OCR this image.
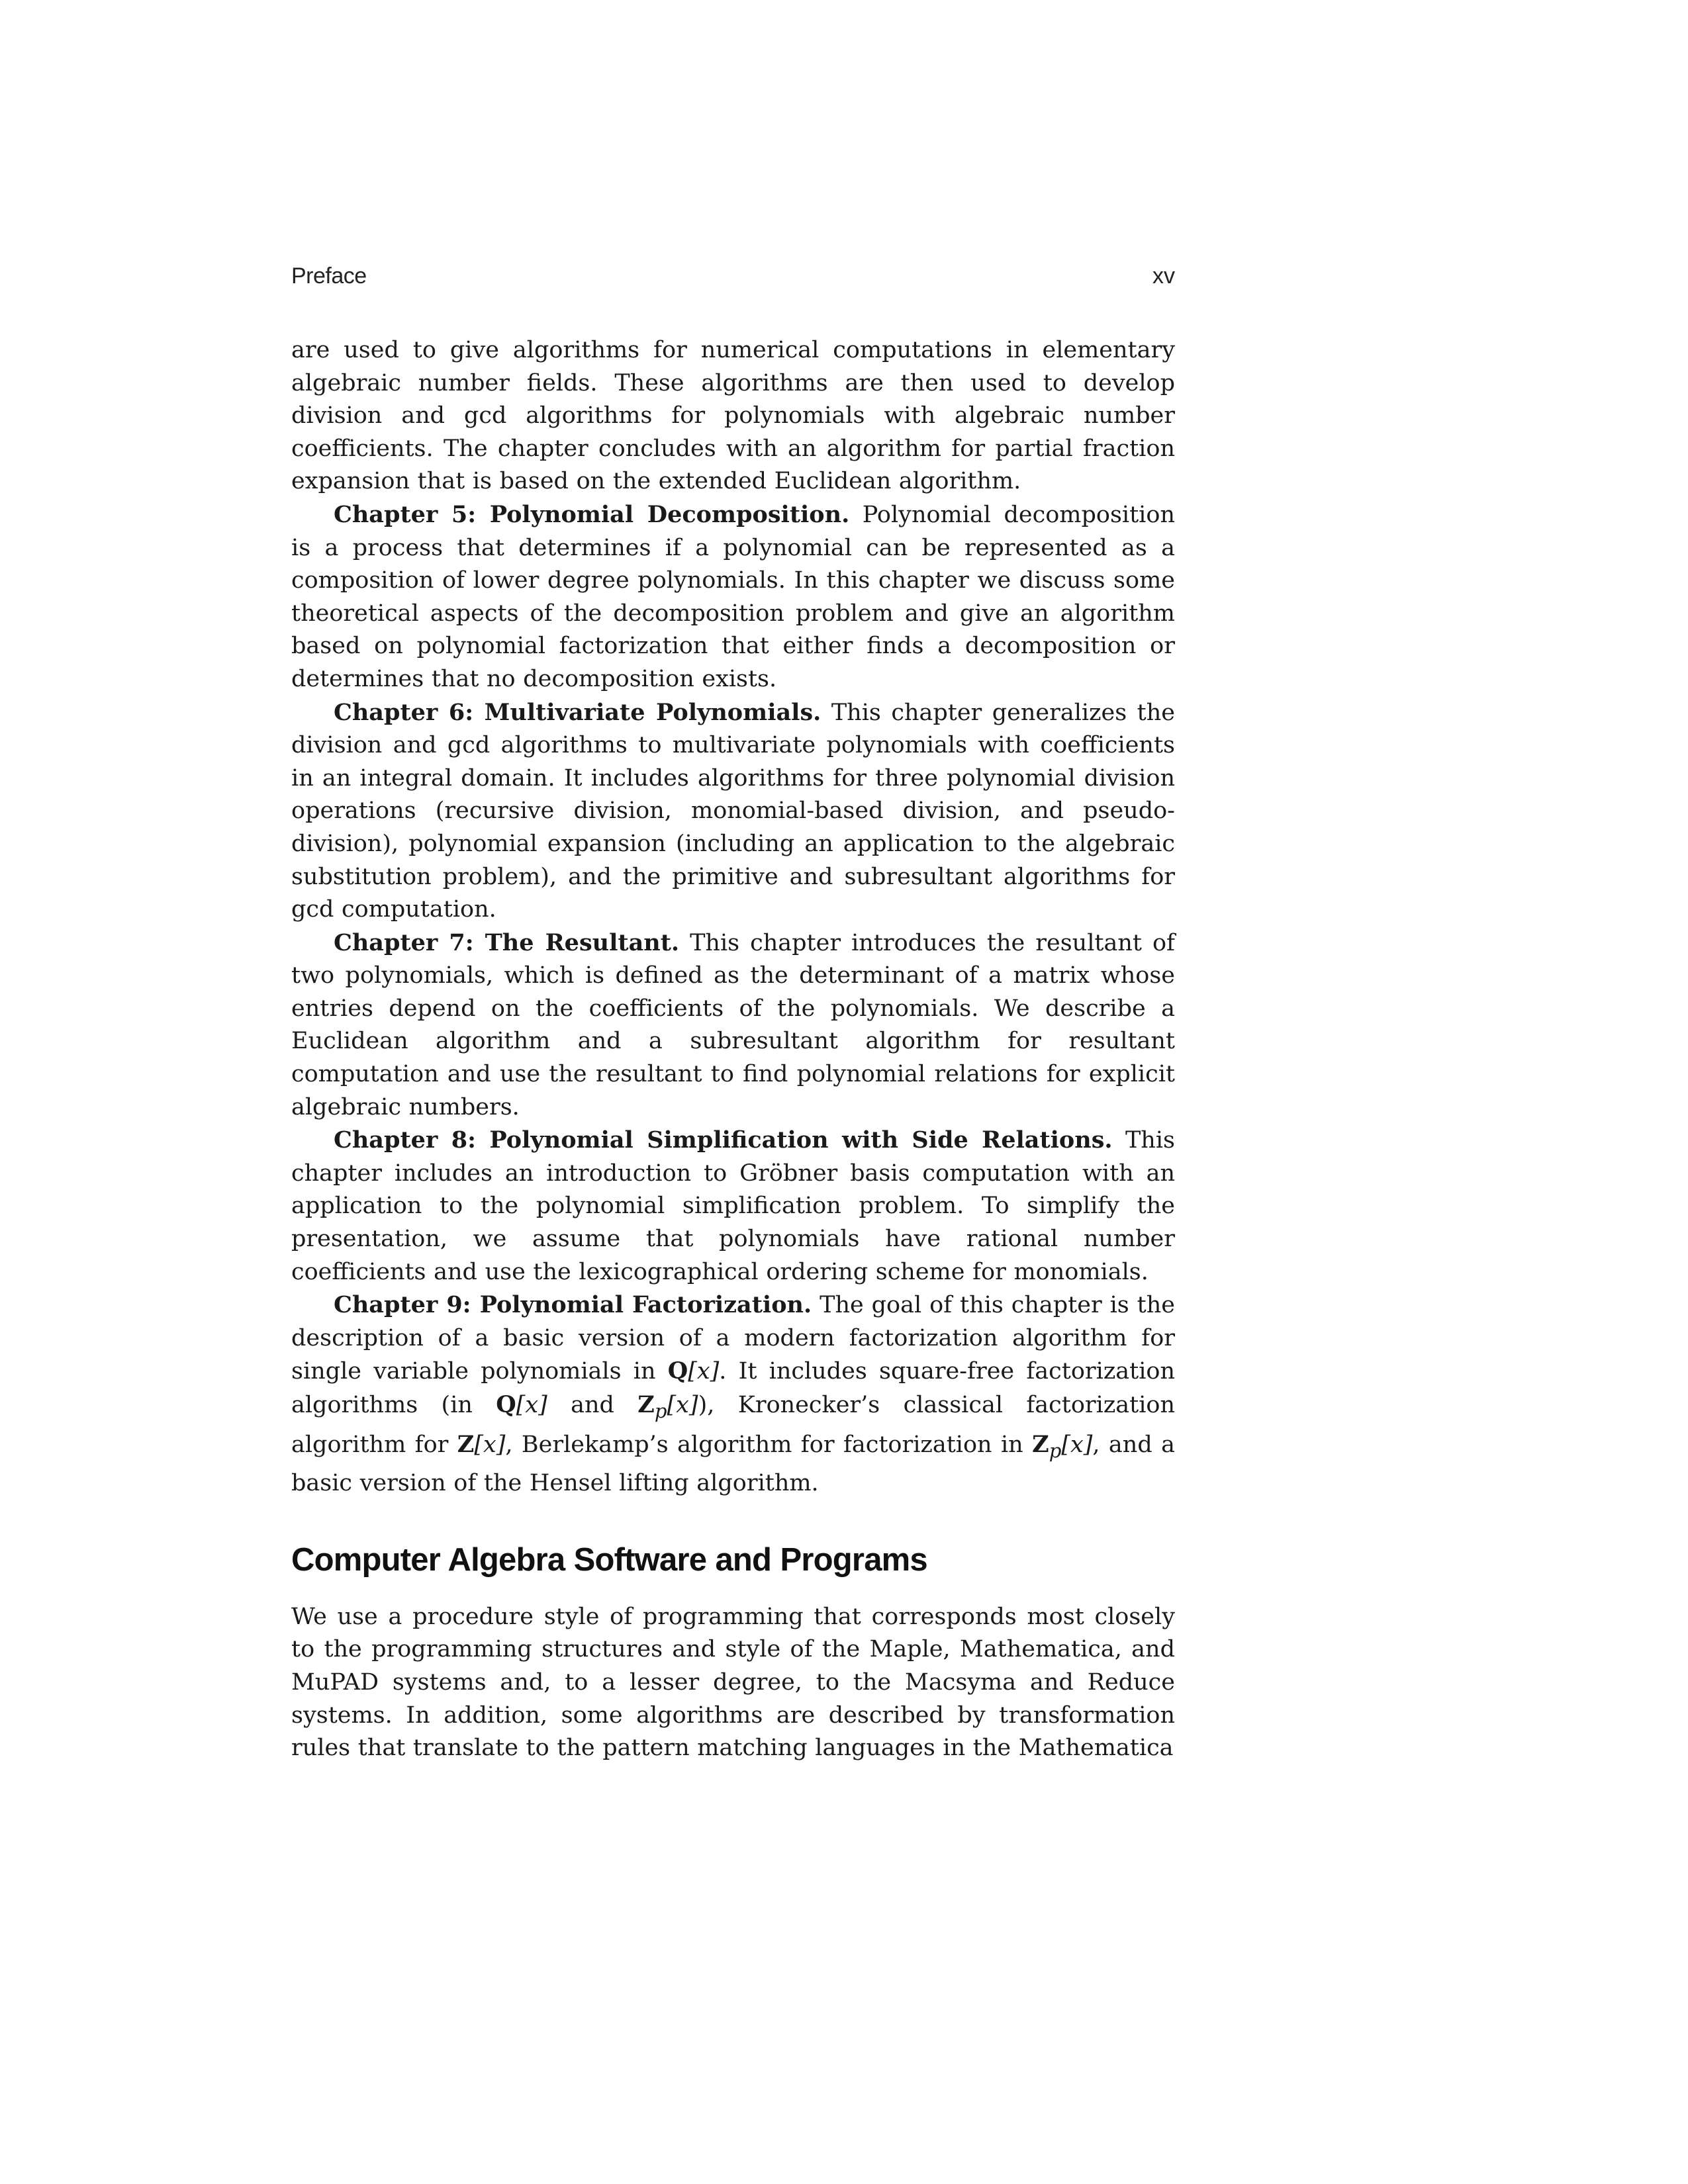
Preface	xv

are used to give algorithms for numerical computations in elementary algebraic number fields. These algorithms are then used to develop division and gcd algorithms for polynomials with algebraic number coefficients. The chapter concludes with an algorithm for partial fraction expansion that is based on the extended Euclidean algorithm.

Chapter 5: Polynomial Decomposition. Polynomial decomposition is a process that determines if a polynomial can be represented as a composition of lower degree polynomials. In this chapter we discuss some theoretical aspects of the decomposition problem and give an algorithm based on polynomial factorization that either finds a decomposition or determines that no decomposition exists.

Chapter 6: Multivariate Polynomials. This chapter generalizes the division and gcd algorithms to multivariate polynomials with coefficients in an integral domain. It includes algorithms for three polynomial division operations (recursive division, monomial-based division, and pseudo-division), polynomial expansion (including an application to the algebraic substitution problem), and the primitive and subresultant algorithms for gcd computation.

Chapter 7: The Resultant. This chapter introduces the resultant of two polynomials, which is defined as the determinant of a matrix whose entries depend on the coefficients of the polynomials. We describe a Euclidean algorithm and a subresultant algorithm for resultant computation and use the resultant to find polynomial relations for explicit algebraic numbers.

Chapter 8: Polynomial Simplification with Side Relations. This chapter includes an introduction to Gröbner basis computation with an application to the polynomial simplification problem. To simplify the presentation, we assume that polynomials have rational number coefficients and use the lexicographical ordering scheme for monomials.

Chapter 9: Polynomial Factorization. The goal of this chapter is the description of a basic version of a modern factorization algorithm for single variable polynomials in Q[x]. It includes square-free factorization algorithms (in Q[x] and $Z_p[x]$), Kronecker’s classical factorization algorithm for Z[x], Berlekamp’s algorithm for factorization in $Z_p[x]$, and a basic version of the Hensel lifting algorithm.

Computer Algebra Software and Programs

We use a procedure style of programming that corresponds most closely to the programming structures and style of the Maple, Mathematica, and MuPAD systems and, to a lesser degree, to the Macsyma and Reduce systems. In addition, some algorithms are described by transformation rules that translate to the pattern matching languages in the Mathematica
